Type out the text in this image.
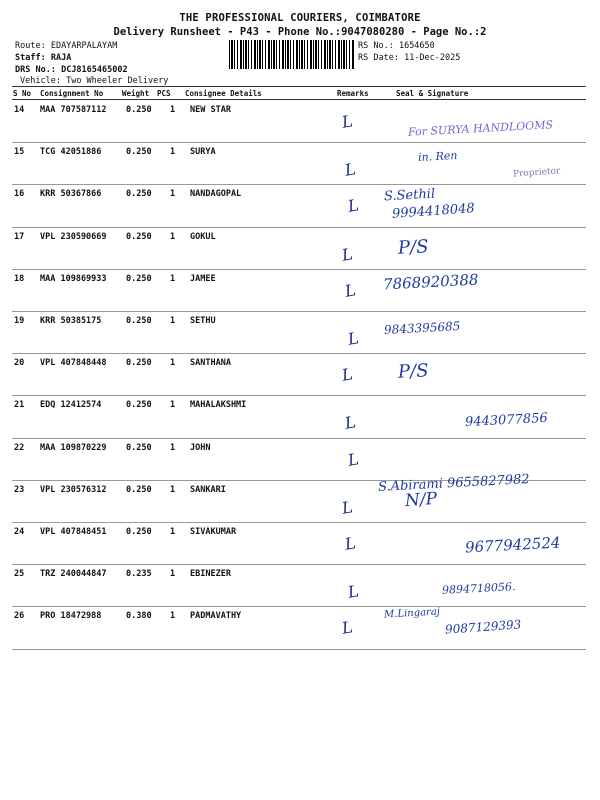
THE PROFESSIONAL COURIERS, COIMBATORE
Delivery Runsheet - P43 - Phone No.:9047080280 - Page No.:2
Route: EDAYARPALAYAM
Staff: RAJA
DRS No.: DCJ8165465002
Vehicle: Two Wheeler Delivery
RS No.: 1654650
RS Date: 11-Dec-2025
S No Consignment No	Weight PCS Consignee Details	Remarks	Seal & Signature
14 MAA 707587112 0.250 1 NEW STAR
L	For SURYA HANDLOOMS
15 TCG 42051886	0.250 1 SURYA
L
in. Ren
Proprietor
16 KRR 50367866	0.250 1 NANDAGOPAL
L S.Sethil
9994418048
17 VPL 230590669 0.250 1 GOKUL
L P/S
18 MAA 109869933 0.250 1 JAMEE
L 7868920388
19 KRR 50385175	0.250 1 SETHU
L
9843395685
20 VPL 407848448 0.250 1 SANTHANA
L P/S
21 EDQ 12412574	0.250 1 MAHALAKSHMI
L	9443077856
22 MAA 109870229 0.250 1 JOHN
L
23 VPL 230576312 0.250 1 SANKARI
L
S.Abirami 9655827982
N/P
24 VPL 407848451 0.250 1 SIVAKUMAR
L	9677942524
25 TRZ 240044847 0.235 1 EBINEZER
L	9894718056.
26 PRO 18472988	0.380 1 PADMAVATHY
L
M.Lingaraj
9087129393
